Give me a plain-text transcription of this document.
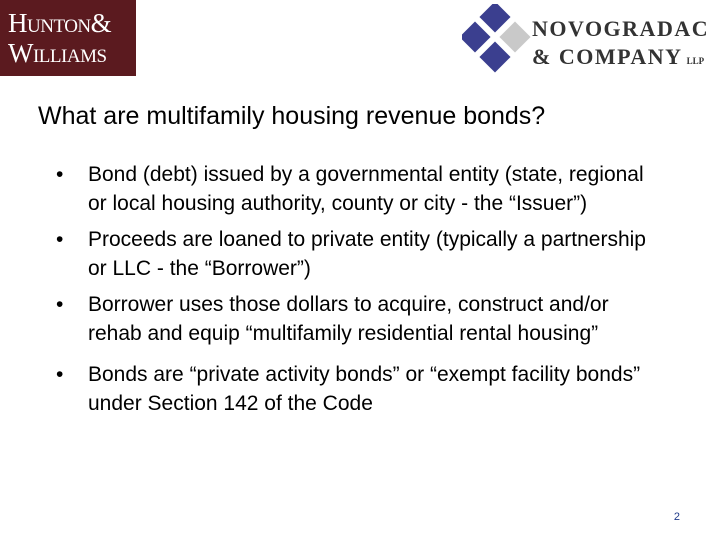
Hunton&
Williams
NOVOGRADAC
& COMPANY LLP
What are multifamily housing revenue bonds?
• Bond (debt) issued by a governmental entity (state, regional or local housing authority, county or city - the “Issuer”)
• Proceeds are loaned to private entity (typically a partnership or LLC - the “Borrower”)
• Borrower uses those dollars to acquire, construct and/or rehab and equip “multifamily residential rental housing”
• Bonds are “private activity bonds” or “exempt facility bonds” under Section 142 of the Code
2
